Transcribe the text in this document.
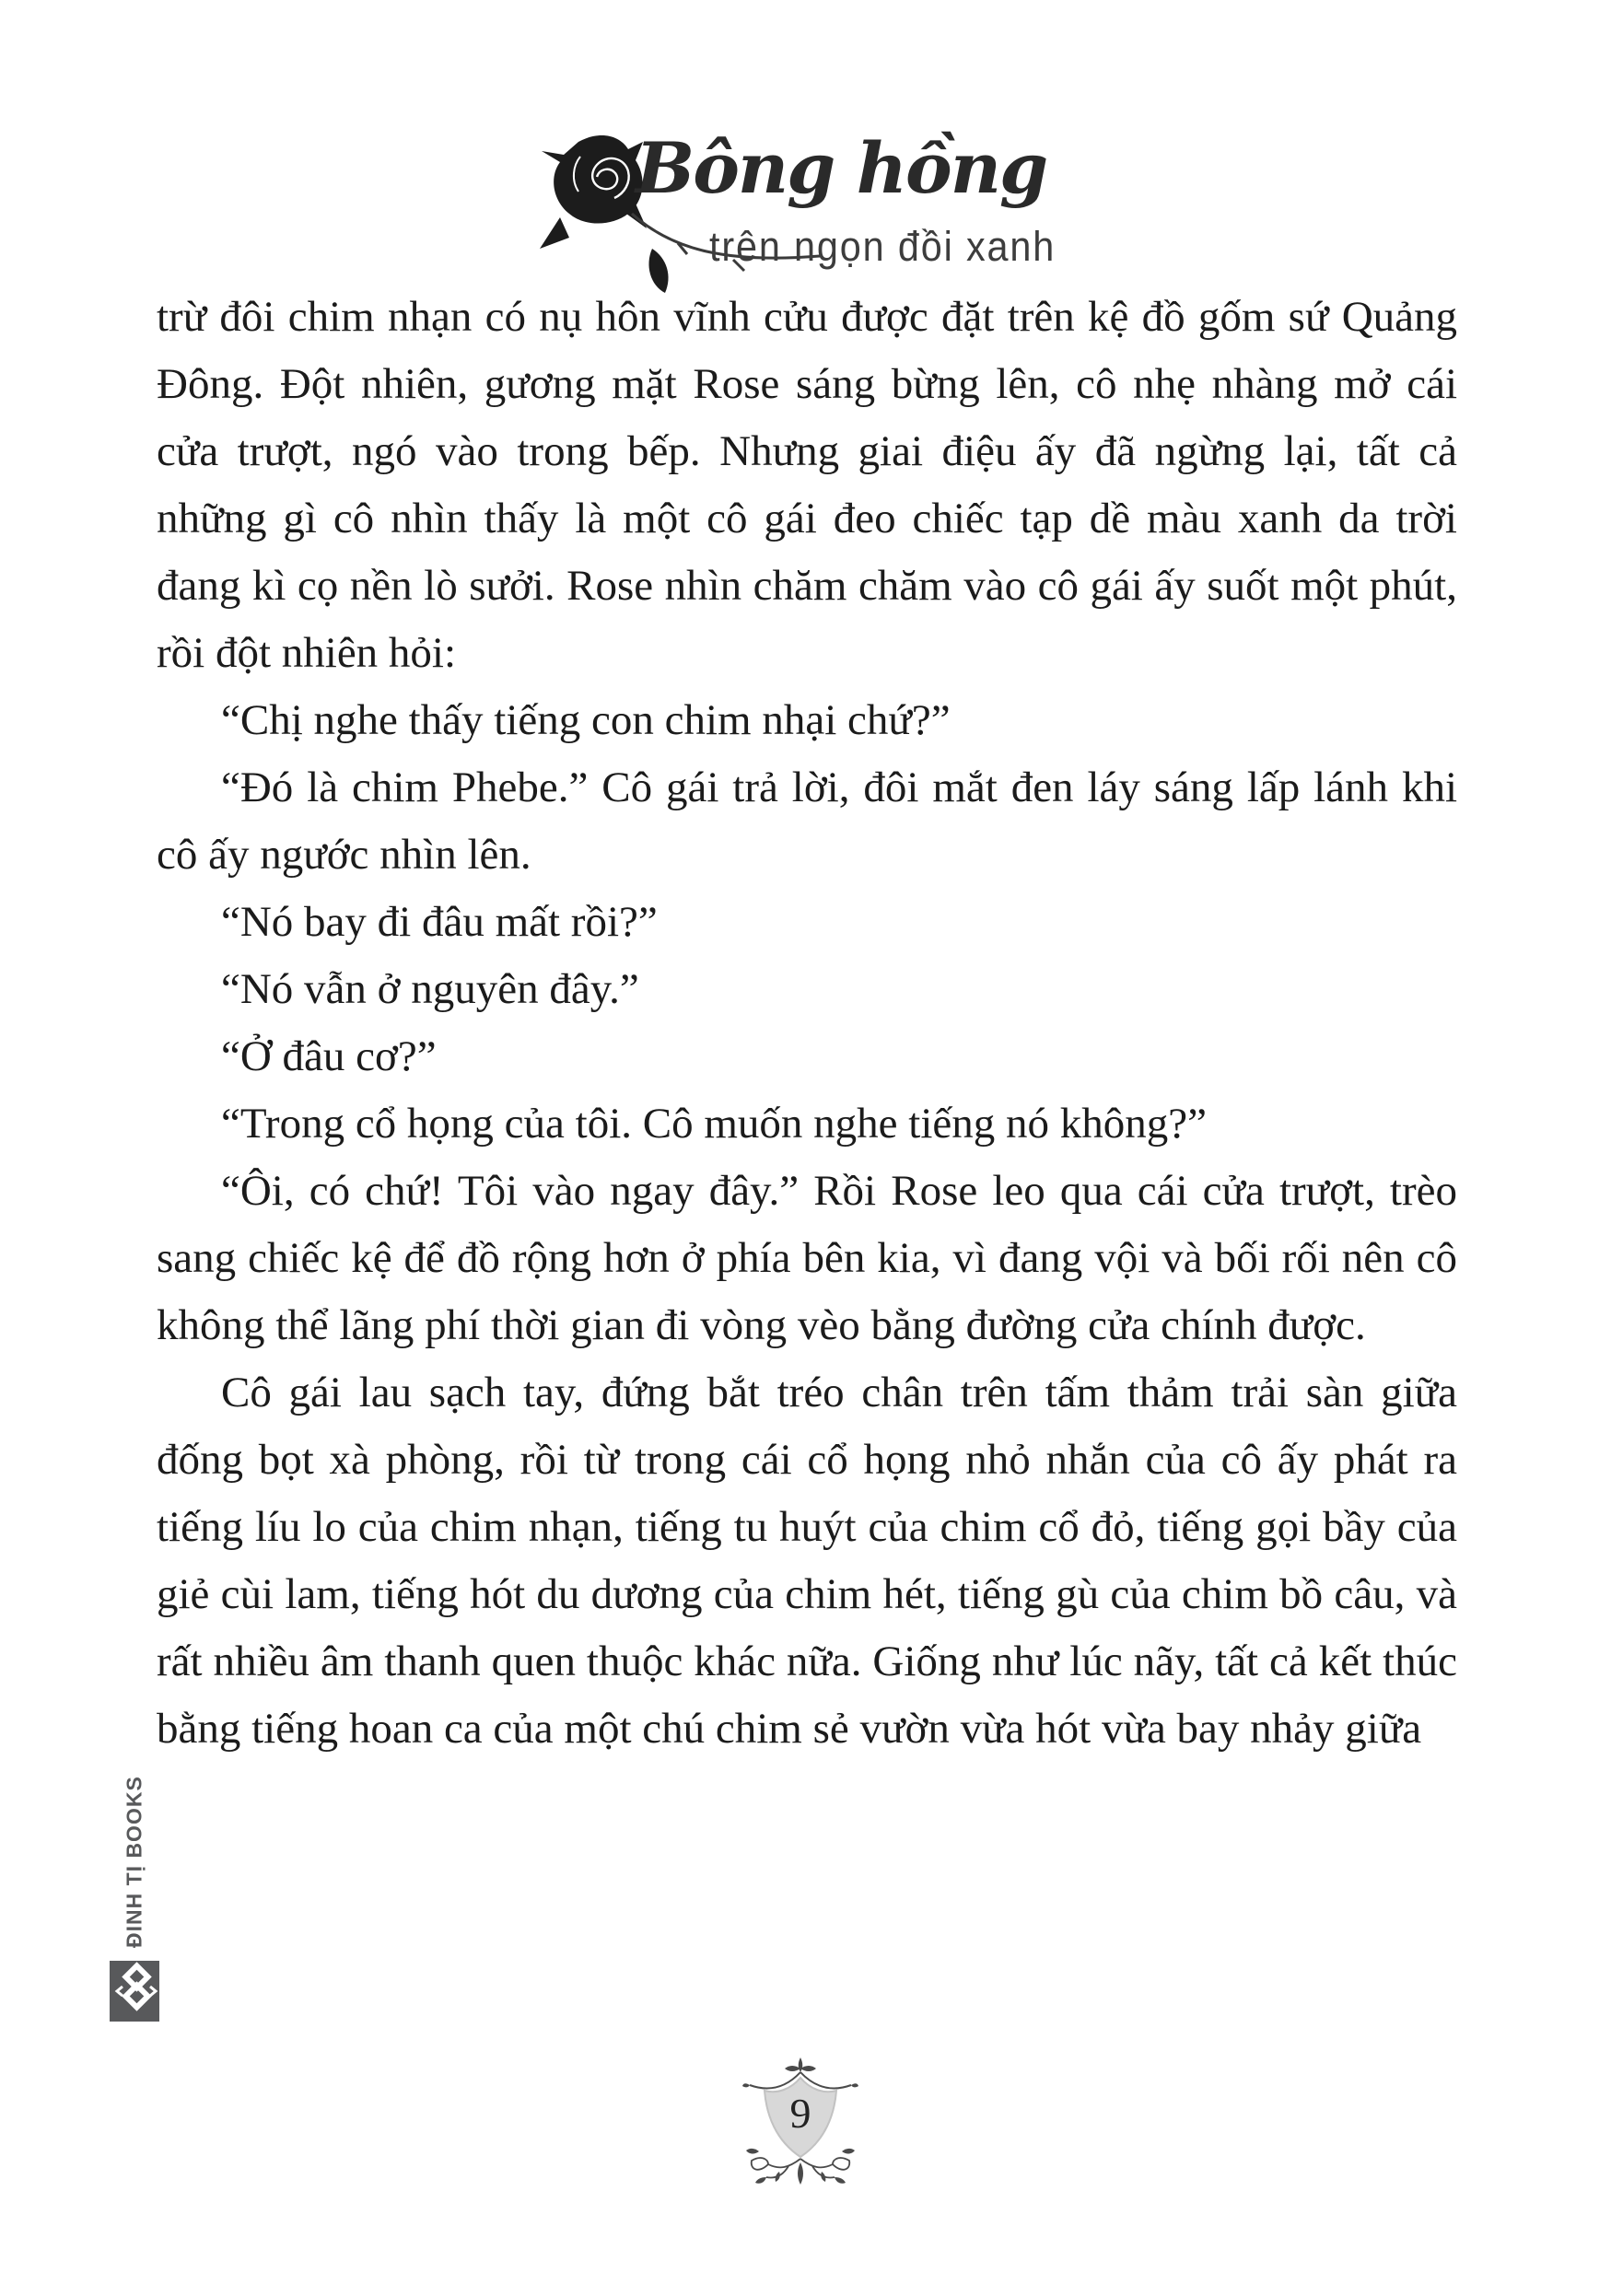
Bông hồng
trên ngọn đồi xanh

trừ đôi chim nhạn có nụ hôn vĩnh cửu được đặt trên kệ đồ gốm sứ Quảng Đông. Đột nhiên, gương mặt Rose sáng bừng lên, cô nhẹ nhàng mở cái cửa trượt, ngó vào trong bếp. Nhưng giai điệu ấy đã ngừng lại, tất cả những gì cô nhìn thấy là một cô gái đeo chiếc tạp dề màu xanh da trời đang kì cọ nền lò sưởi. Rose nhìn chăm chăm vào cô gái ấy suốt một phút, rồi đột nhiên hỏi:

“Chị nghe thấy tiếng con chim nhại chứ?”

“Đó là chim Phebe.” Cô gái trả lời, đôi mắt đen láy sáng lấp lánh khi cô ấy ngước nhìn lên.

“Nó bay đi đâu mất rồi?”

“Nó vẫn ở nguyên đây.”

“Ở đâu cơ?”

“Trong cổ họng của tôi. Cô muốn nghe tiếng nó không?”

“Ôi, có chứ! Tôi vào ngay đây.” Rồi Rose leo qua cái cửa trượt, trèo sang chiếc kệ để đồ rộng hơn ở phía bên kia, vì đang vội và bối rối nên cô không thể lãng phí thời gian đi vòng vèo bằng đường cửa chính được.

Cô gái lau sạch tay, đứng bắt tréo chân trên tấm thảm trải sàn giữa đống bọt xà phòng, rồi từ trong cái cổ họng nhỏ nhắn của cô ấy phát ra tiếng líu lo của chim nhạn, tiếng tu huýt của chim cổ đỏ, tiếng gọi bầy của giẻ cùi lam, tiếng hót du dương của chim hét, tiếng gù của chim bồ câu, và rất nhiều âm thanh quen thuộc khác nữa. Giống như lúc nãy, tất cả kết thúc bằng tiếng hoan ca của một chú chim sẻ vườn vừa hót vừa bay nhảy giữa

ĐINH TỊ BOOKS
9
